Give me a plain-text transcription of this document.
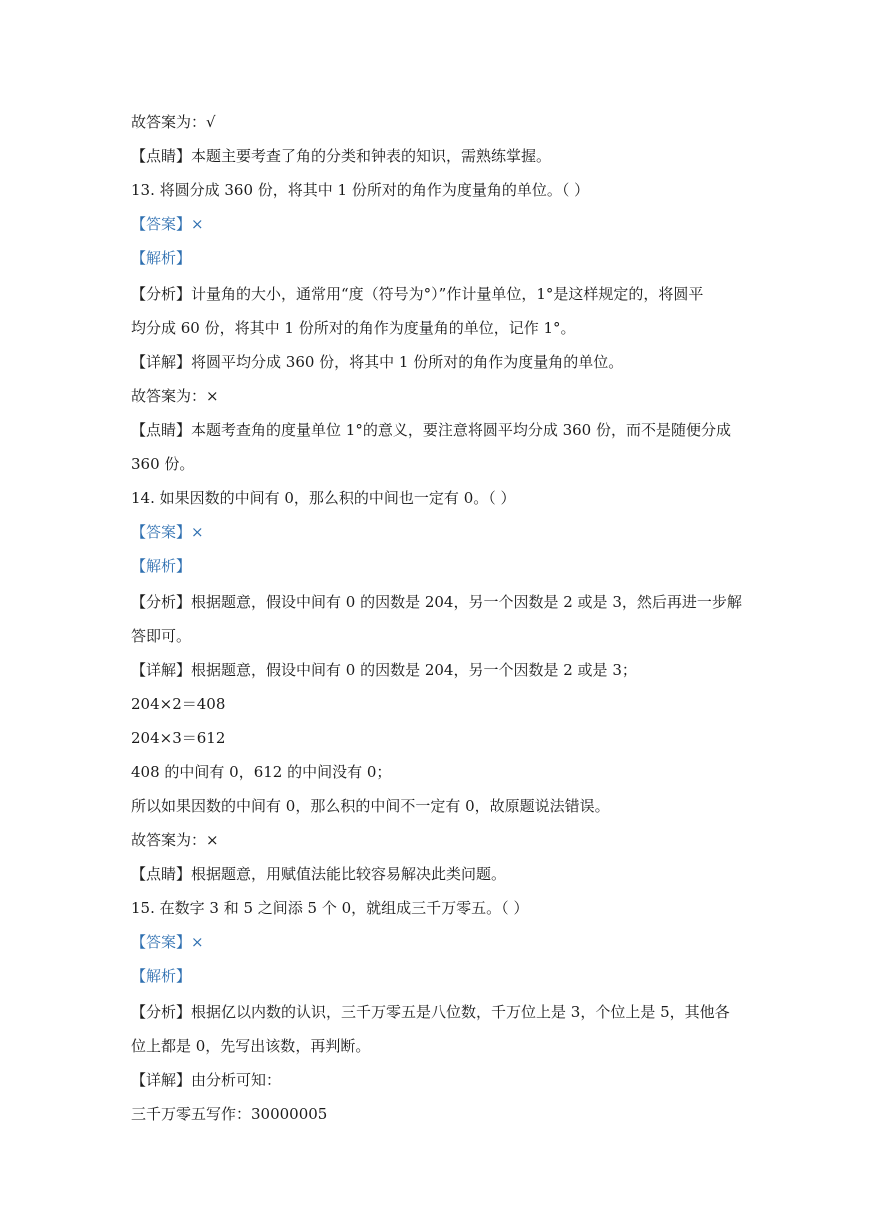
故答案为：√
【点睛】本题主要考查了角的分类和钟表的知识，需熟练掌握。
13. 将圆分成 360 份，将其中 1 份所对的角作为度量角的单位。（ ）
【答案】×
【解析】
【分析】计量角的大小，通常用“度（符号为°）”作计量单位，1°是这样规定的，将圆平
均分成 60 份，将其中 1 份所对的角作为度量角的单位，记作 1°。
【详解】将圆平均分成 360 份，将其中 1 份所对的角作为度量角的单位。
故答案为：×
【点睛】本题考查角的度量单位 1°的意义，要注意将圆平均分成 360 份，而不是随便分成
360 份。
14. 如果因数的中间有 0，那么积的中间也一定有 0。（ ）
【答案】×
【解析】
【分析】根据题意，假设中间有 0 的因数是 204，另一个因数是 2 或是 3，然后再进一步解
答即可。
【详解】根据题意，假设中间有 0 的因数是 204，另一个因数是 2 或是 3；
204×2＝408
204×3＝612
408 的中间有 0，612 的中间没有 0；
所以如果因数的中间有 0，那么积的中间不一定有 0，故原题说法错误。
故答案为：×
【点睛】根据题意，用赋值法能比较容易解决此类问题。
15. 在数字 3 和 5 之间添 5 个 0，就组成三千万零五。（ ）
【答案】×
【解析】
【分析】根据亿以内数的认识，三千万零五是八位数，千万位上是 3，个位上是 5，其他各
位上都是 0，先写出该数，再判断。
【详解】由分析可知：
三千万零五写作：30000005
